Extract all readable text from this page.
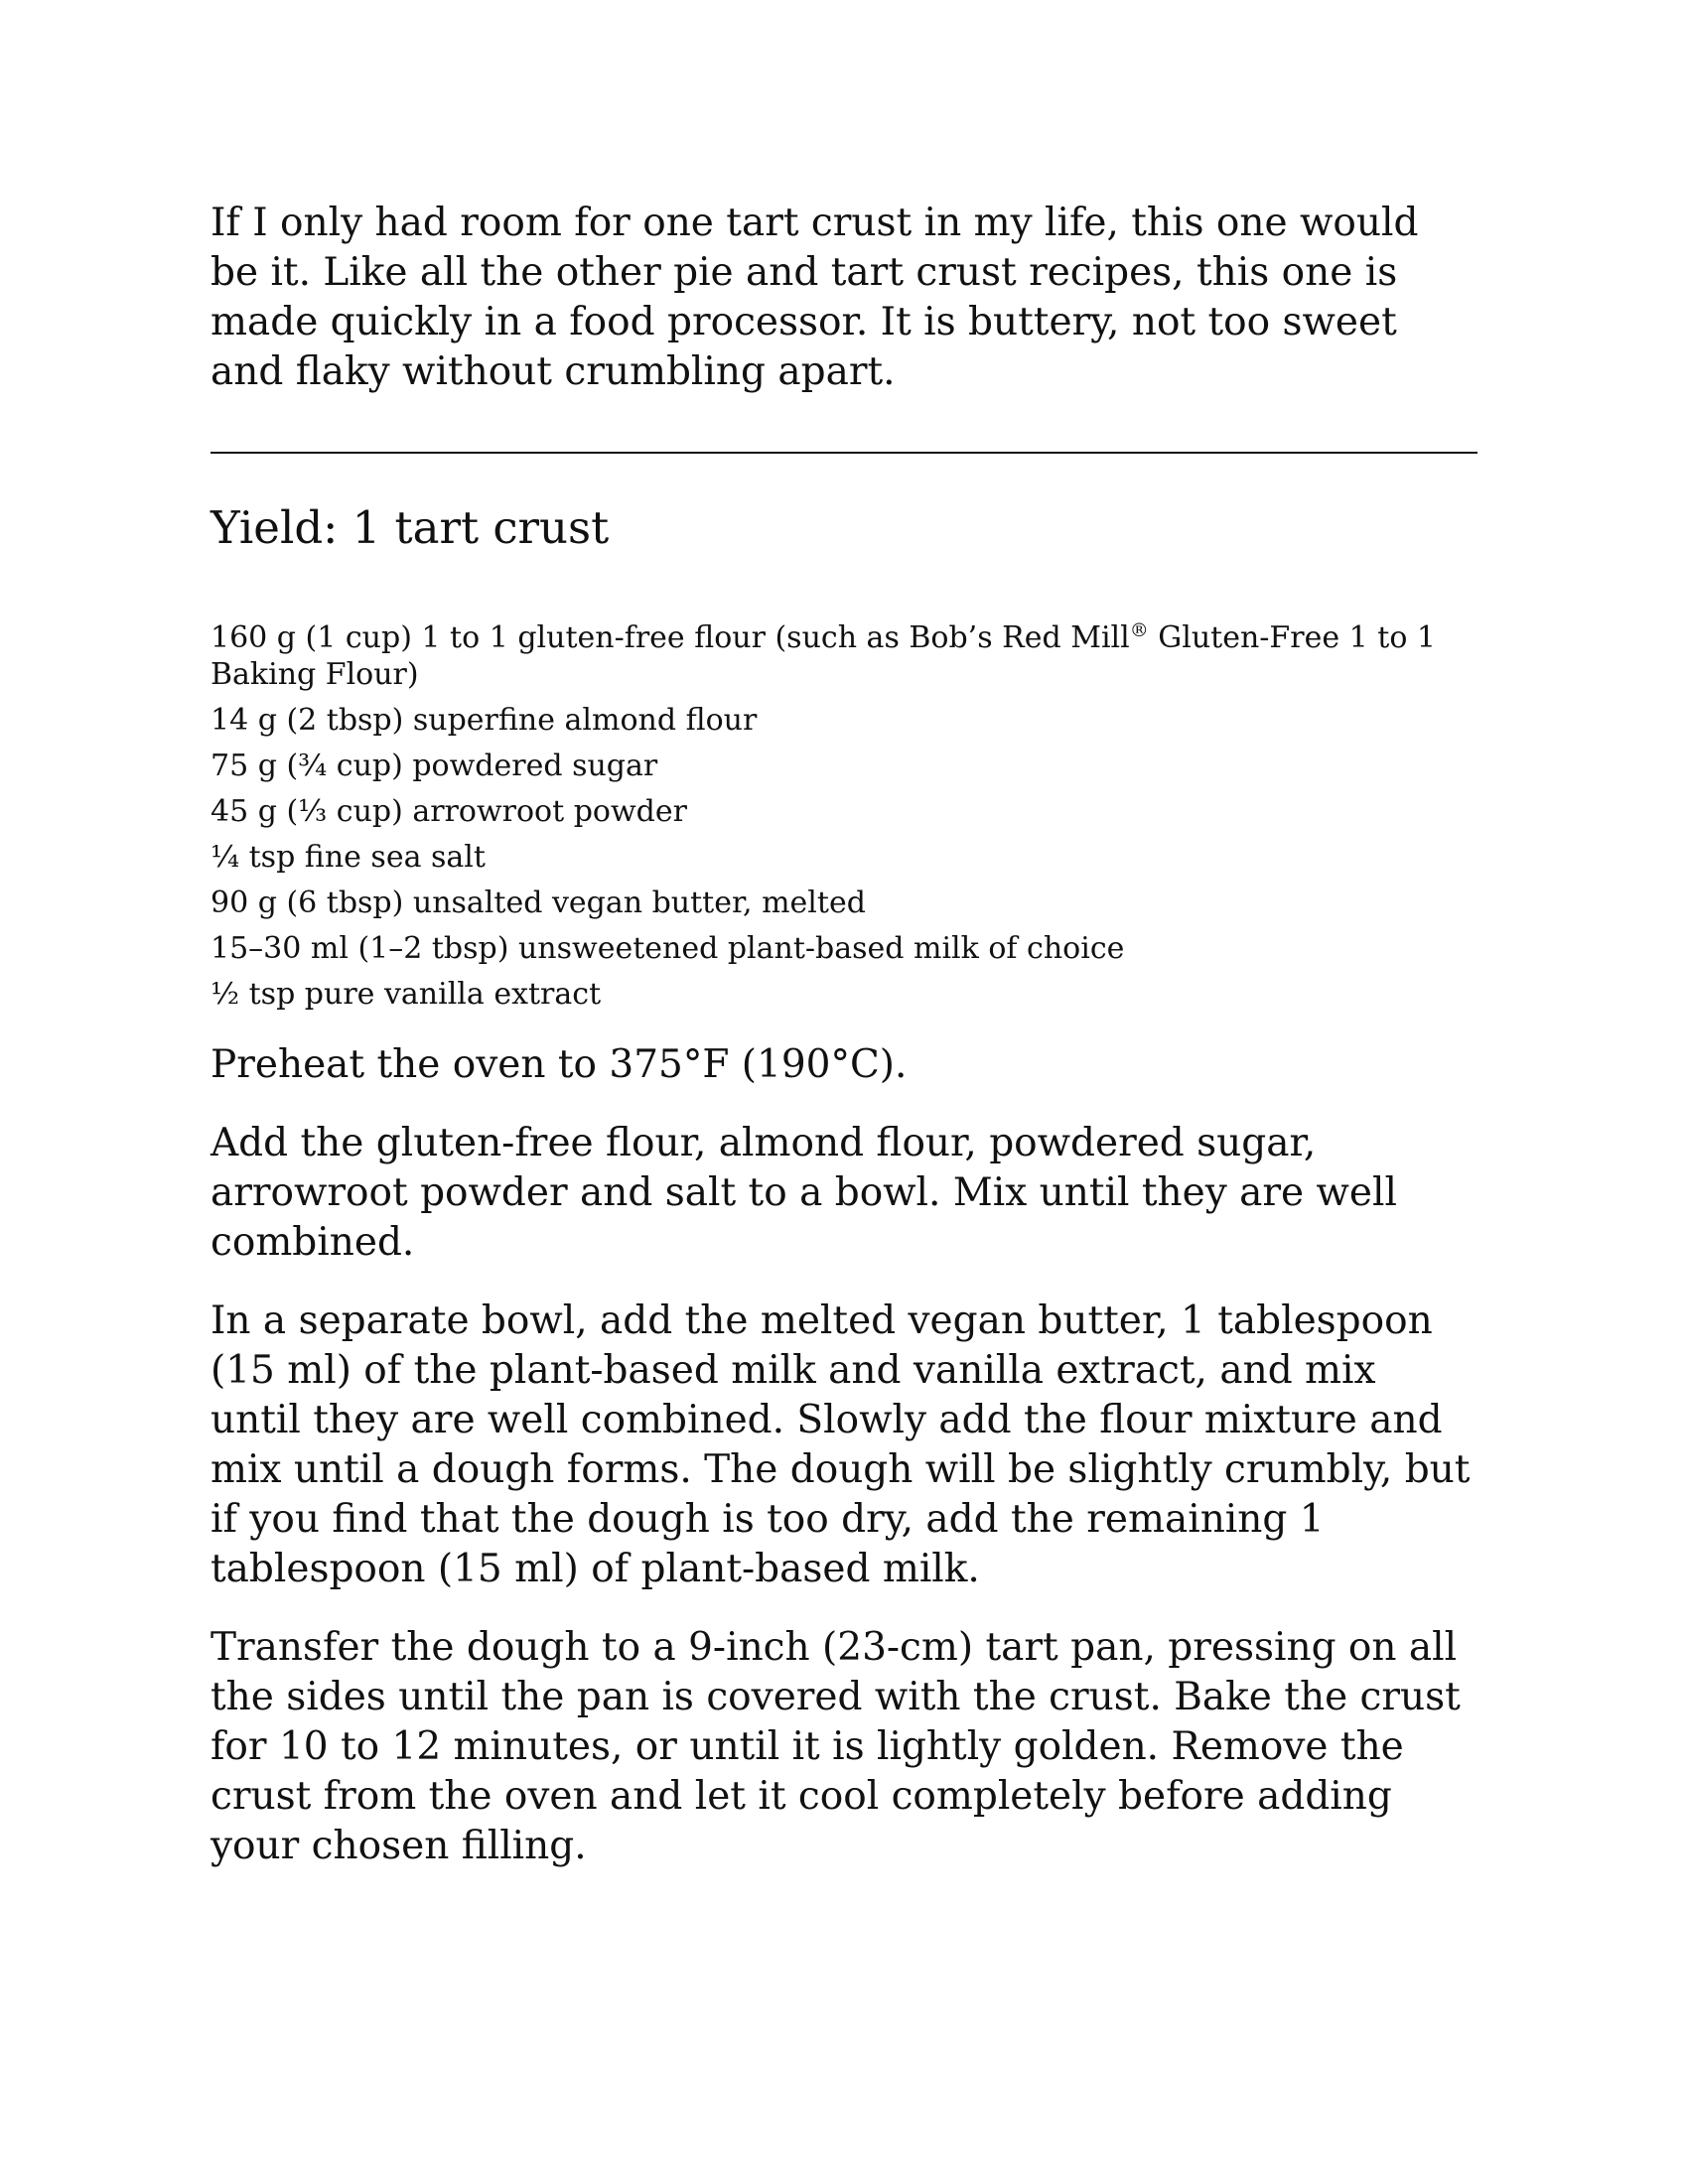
If I only had room for one tart crust in my life, this one would be it. Like all the other pie and tart crust recipes, this one is made quickly in a food processor. It is buttery, not too sweet and flaky without crumbling apart.

Yield: 1 tart crust
160 g (1 cup) 1 to 1 gluten-free flour (such as Bob’s Red Mill® Gluten-Free 1 to 1 Baking Flour)
14 g (2 tbsp) superfine almond flour
75 g (¾ cup) powdered sugar
45 g (⅓ cup) arrowroot powder
¼ tsp fine sea salt
90 g (6 tbsp) unsalted vegan butter, melted
15–30 ml (1–2 tbsp) unsweetened plant-based milk of choice
½ tsp pure vanilla extract

Preheat the oven to 375°F (190°C).

Add the gluten-free flour, almond flour, powdered sugar, arrowroot powder and salt to a bowl. Mix until they are well combined.

In a separate bowl, add the melted vegan butter, 1 tablespoon (15 ml) of the plant-based milk and vanilla extract, and mix until they are well combined. Slowly add the flour mixture and mix until a dough forms. The dough will be slightly crumbly, but if you find that the dough is too dry, add the remaining 1 tablespoon (15 ml) of plant-based milk.

Transfer the dough to a 9-inch (23-cm) tart pan, pressing on all the sides until the pan is covered with the crust. Bake the crust for 10 to 12 minutes, or until it is lightly golden. Remove the crust from the oven and let it cool completely before adding your chosen filling.
